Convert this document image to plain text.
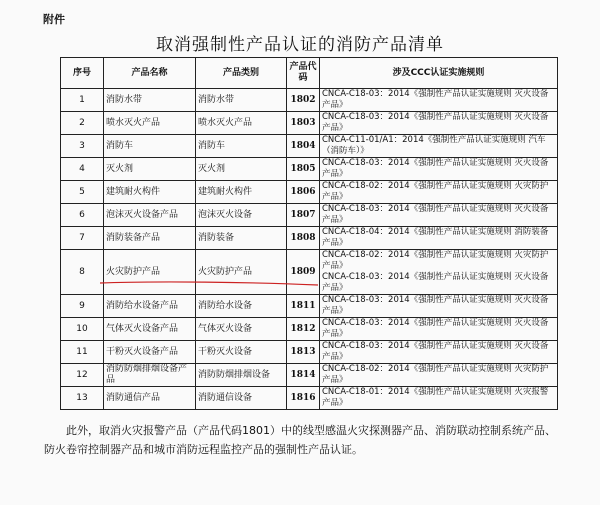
附件
取消强制性产品认证的消防产品清单
序号	产品名称	产品类别	产品代码	涉及CCC认证实施规则
1	消防水带	消防水带	1802	CNCA-C18-03：2014《强制性产品认证实施规则 灭火设备产品》

2	喷水灭火产品	喷水灭火产品	1803	CNCA-C18-03：2014《强制性产品认证实施规则 灭火设备产品》

3	消防车	消防车	1804	CNCA-C11-01/A1：2014《强制性产品认证实施规则 汽车（消防车）》

4	灭火剂	灭火剂	1805	CNCA-C18-03：2014《强制性产品认证实施规则 灭火设备产品》

5	建筑耐火构件	建筑耐火构件	1806	CNCA-C18-02：2014《强制性产品认证实施规则 火灾防护产品》

6	泡沫灭火设备产品	泡沫灭火设备	1807	CNCA-C18-03：2014《强制性产品认证实施规则 灭火设备产品》

7	消防装备产品	消防装备	1808	CNCA-C18-04：2014《强制性产品认证实施规则 消防装备产品》

8	火灾防护产品	火灾防护产品	1809	CNCA-C18-02：2014《强制性产品认证实施规则 火灾防护产品》
CNCA-C18-03：2014《强制性产品认证实施规则 灭火设备产品》

9	消防给水设备产品	消防给水设备	1811	CNCA-C18-03：2014《强制性产品认证实施规则 灭火设备产品》

10	气体灭火设备产品	气体灭火设备	1812	CNCA-C18-03：2014《强制性产品认证实施规则 灭火设备产品》

11	干粉灭火设备产品	干粉灭火设备	1813	CNCA-C18-03：2014《强制性产品认证实施规则 灭火设备产品》

12	消防防烟排烟设备产品	消防防烟排烟设备	1814	CNCA-C18-02：2014《强制性产品认证实施规则 火灾防护产品》

13	消防通信产品	消防通信设备	1816	CNCA-C18-01：2014《强制性产品认证实施规则 火灾报警产品》
此外，取消火灾报警产品（产品代码1801）中的线型感温火灾探测器产品、消防联动控制系统产品、防火卷帘控制器产品和城市消防远程监控产品的强制性产品认证。
